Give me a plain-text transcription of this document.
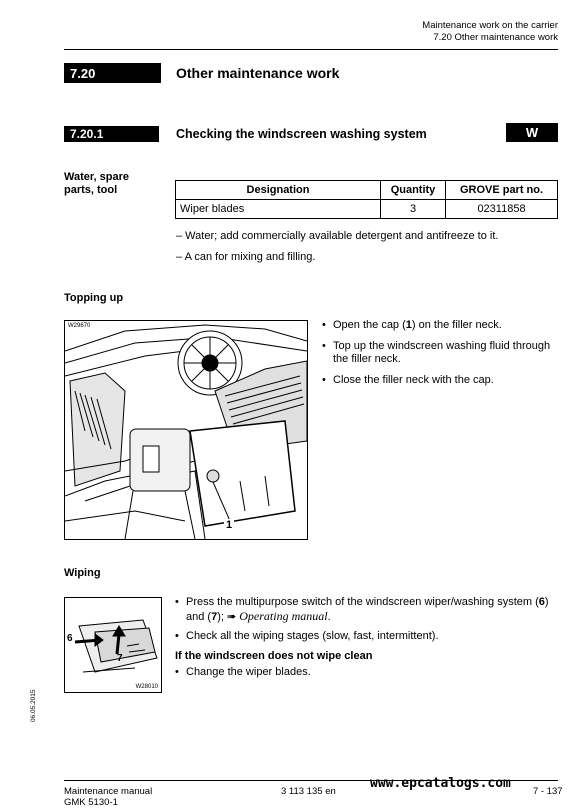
Maintenance work on the carrier
7.20 Other maintenance work
7.20	Other maintenance work
7.20.1	Checking the windscreen washing system	W
Water, spare
parts, tool	Designation	Quantity	GROVE part no.
Wiper blades	3	02311858
– Water; add commercially available detergent and antifreeze to it.
– A can for mixing and filling.
Topping up
W29670
1
• Open the cap (1) on the filler neck.
• Top up the windscreen washing fluid through the filler neck.
• Close the filler neck with the cap.
Wiping
6
7
W28010
• Press the multipurpose switch of the windscreen wiper/washing system (6) and (7); ➠ Operating manual.
• Check all the wiping stages (slow, fast, intermittent).
If the windscreen does not wipe clean
• Change the wiper blades.
06.05.2015
Maintenance manual	3 113 135 en
www.epcatalogs.com
7 - 137
GMK 5130-1
